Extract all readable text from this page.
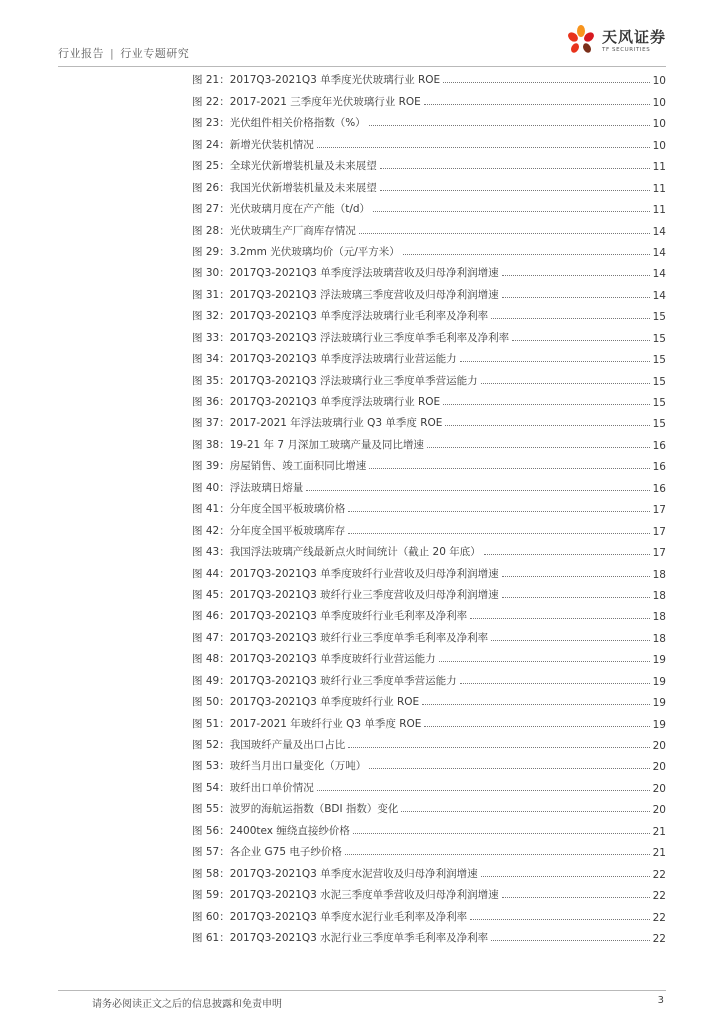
行业报告 | 行业专题研究
天风证券
TF SECURITIES
图 21：2017Q3-2021Q3 单季度光伏玻璃行业 ROE	10
图 22：2017-2021 三季度年光伏玻璃行业 ROE	10
图 23：光伏组件相关价格指数（%）	10
图 24：新增光伏装机情况	10
图 25：全球光伏新增装机量及未来展望	11
图 26：我国光伏新增装机量及未来展望	11
图 27：光伏玻璃月度在产产能（t/d）	11
图 28：光伏玻璃生产厂商库存情况	14
图 29：3.2mm 光伏玻璃均价（元/平方米）	14
图 30：2017Q3-2021Q3 单季度浮法玻璃营收及归母净利润增速	14
图 31：2017Q3-2021Q3 浮法玻璃三季度营收及归母净利润增速	14
图 32：2017Q3-2021Q3 单季度浮法玻璃行业毛利率及净利率	15
图 33：2017Q3-2021Q3 浮法玻璃行业三季度单季毛利率及净利率	15
图 34：2017Q3-2021Q3 单季度浮法玻璃行业营运能力	15
图 35：2017Q3-2021Q3 浮法玻璃行业三季度单季营运能力	15
图 36：2017Q3-2021Q3 单季度浮法玻璃行业 ROE	15
图 37：2017-2021 年浮法玻璃行业 Q3 单季度 ROE	15
图 38：19-21 年 7 月深加工玻璃产量及同比增速	16
图 39：房屋销售、竣工面积同比增速	16
图 40：浮法玻璃日熔量	16
图 41：分年度全国平板玻璃价格	17
图 42：分年度全国平板玻璃库存	17
图 43：我国浮法玻璃产线最新点火时间统计（截止 20 年底）	17
图 44：2017Q3-2021Q3 单季度玻纤行业营收及归母净利润增速	18
图 45：2017Q3-2021Q3 玻纤行业三季度营收及归母净利润增速	18
图 46：2017Q3-2021Q3 单季度玻纤行业毛利率及净利率	18
图 47：2017Q3-2021Q3 玻纤行业三季度单季毛利率及净利率	18
图 48：2017Q3-2021Q3 单季度玻纤行业营运能力	19
图 49：2017Q3-2021Q3 玻纤行业三季度单季营运能力	19
图 50：2017Q3-2021Q3 单季度玻纤行业 ROE	19
图 51：2017-2021 年玻纤行业 Q3 单季度 ROE	19
图 52：我国玻纤产量及出口占比	20
图 53：玻纤当月出口量变化（万吨）	20
图 54：玻纤出口单价情况	20
图 55：波罗的海航运指数（BDI 指数）变化	20
图 56：2400tex 缠绕直接纱价格	21
图 57：各企业 G75 电子纱价格	21
图 58：2017Q3-2021Q3 单季度水泥营收及归母净利润增速	22
图 59：2017Q3-2021Q3 水泥三季度单季营收及归母净利润增速	22
图 60：2017Q3-2021Q3 单季度水泥行业毛利率及净利率	22
图 61：2017Q3-2021Q3 水泥行业三季度单季毛利率及净利率	22
请务必阅读正文之后的信息披露和免责申明	3
